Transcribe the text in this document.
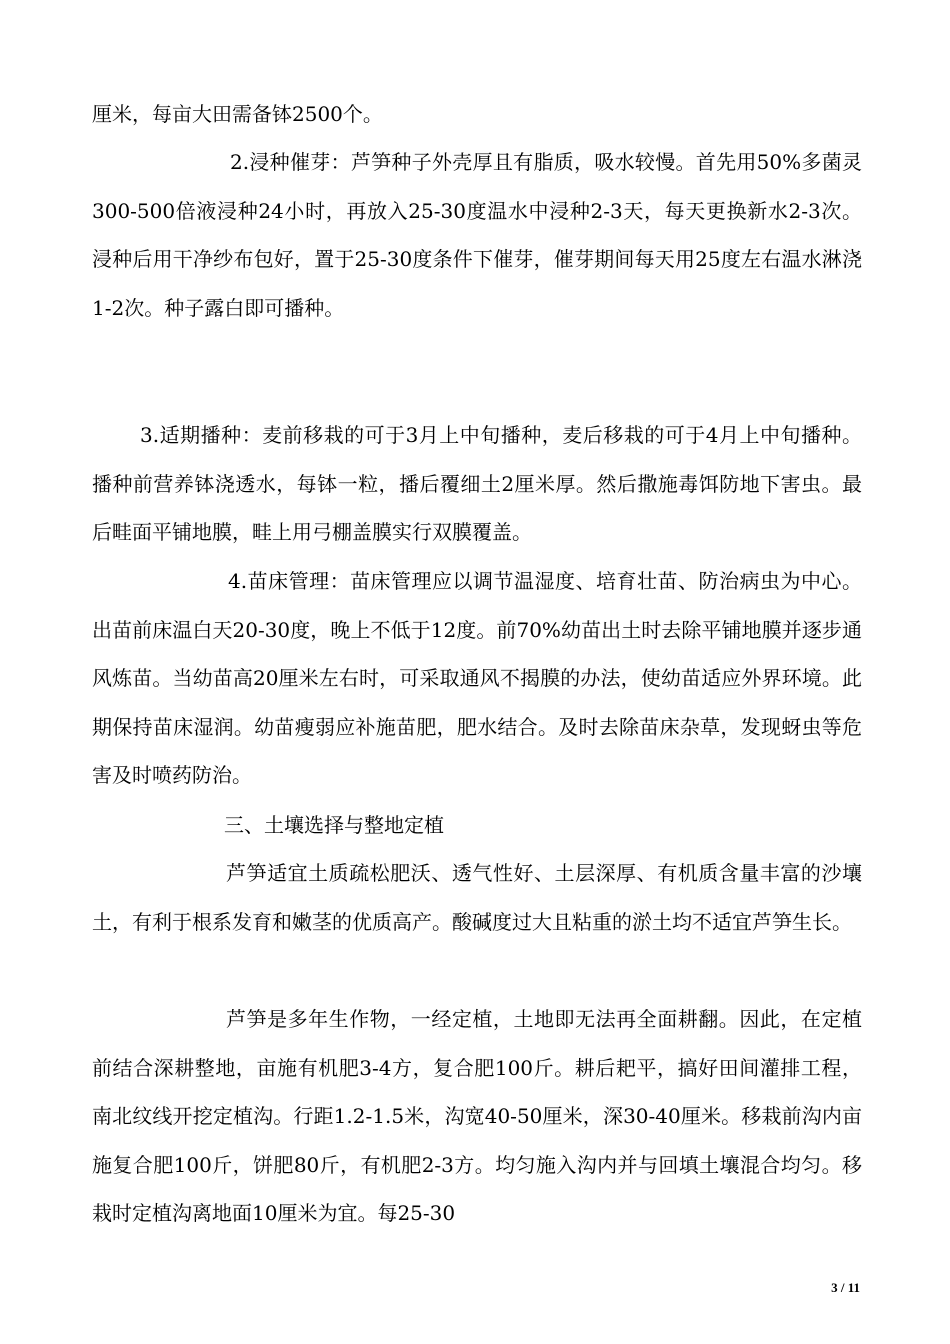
厘米，每亩大田需备钵2500个。

2.浸种催芽：芦笋种子外壳厚且有脂质，吸水较慢。首先用50%多菌灵300-500倍液浸种24小时，再放入25-30度温水中浸种2-3天，每天更换新水2-3次。浸种后用干净纱布包好，置于25-30度条件下催芽，催芽期间每天用25度左右温水淋浇1-2次。种子露白即可播种。

3.适期播种：麦前移栽的可于3月上中旬播种，麦后移栽的可于4月上中旬播种。播种前营养钵浇透水，每钵一粒，播后覆细土2厘米厚。然后撒施毒饵防地下害虫。最后畦面平铺地膜，畦上用弓棚盖膜实行双膜覆盖。

4.苗床管理：苗床管理应以调节温湿度、培育壮苗、防治病虫为中心。出苗前床温白天20-30度，晚上不低于12度。前70%幼苗出土时去除平铺地膜并逐步通风炼苗。当幼苗高20厘米左右时，可采取通风不揭膜的办法，使幼苗适应外界环境。此期保持苗床湿润。幼苗瘦弱应补施苗肥，肥水结合。及时去除苗床杂草，发现蚜虫等危害及时喷药防治。

三、土壤选择与整地定植

芦笋适宜土质疏松肥沃、透气性好、土层深厚、有机质含量丰富的沙壤土，有利于根系发育和嫩茎的优质高产。酸碱度过大且粘重的淤土均不适宜芦笋生长。

芦笋是多年生作物，一经定植，土地即无法再全面耕翻。因此，在定植前结合深耕整地，亩施有机肥3-4方，复合肥100斤。耕后耙平，搞好田间灌排工程，南北纹线开挖定植沟。行距1.2-1.5米，沟宽40-50厘米，深30-40厘米。移栽前沟内亩施复合肥100斤，饼肥80斤，有机肥2-3方。均匀施入沟内并与回填土壤混合均匀。移栽时定植沟离地面10厘米为宜。每25-30

3 / 11
